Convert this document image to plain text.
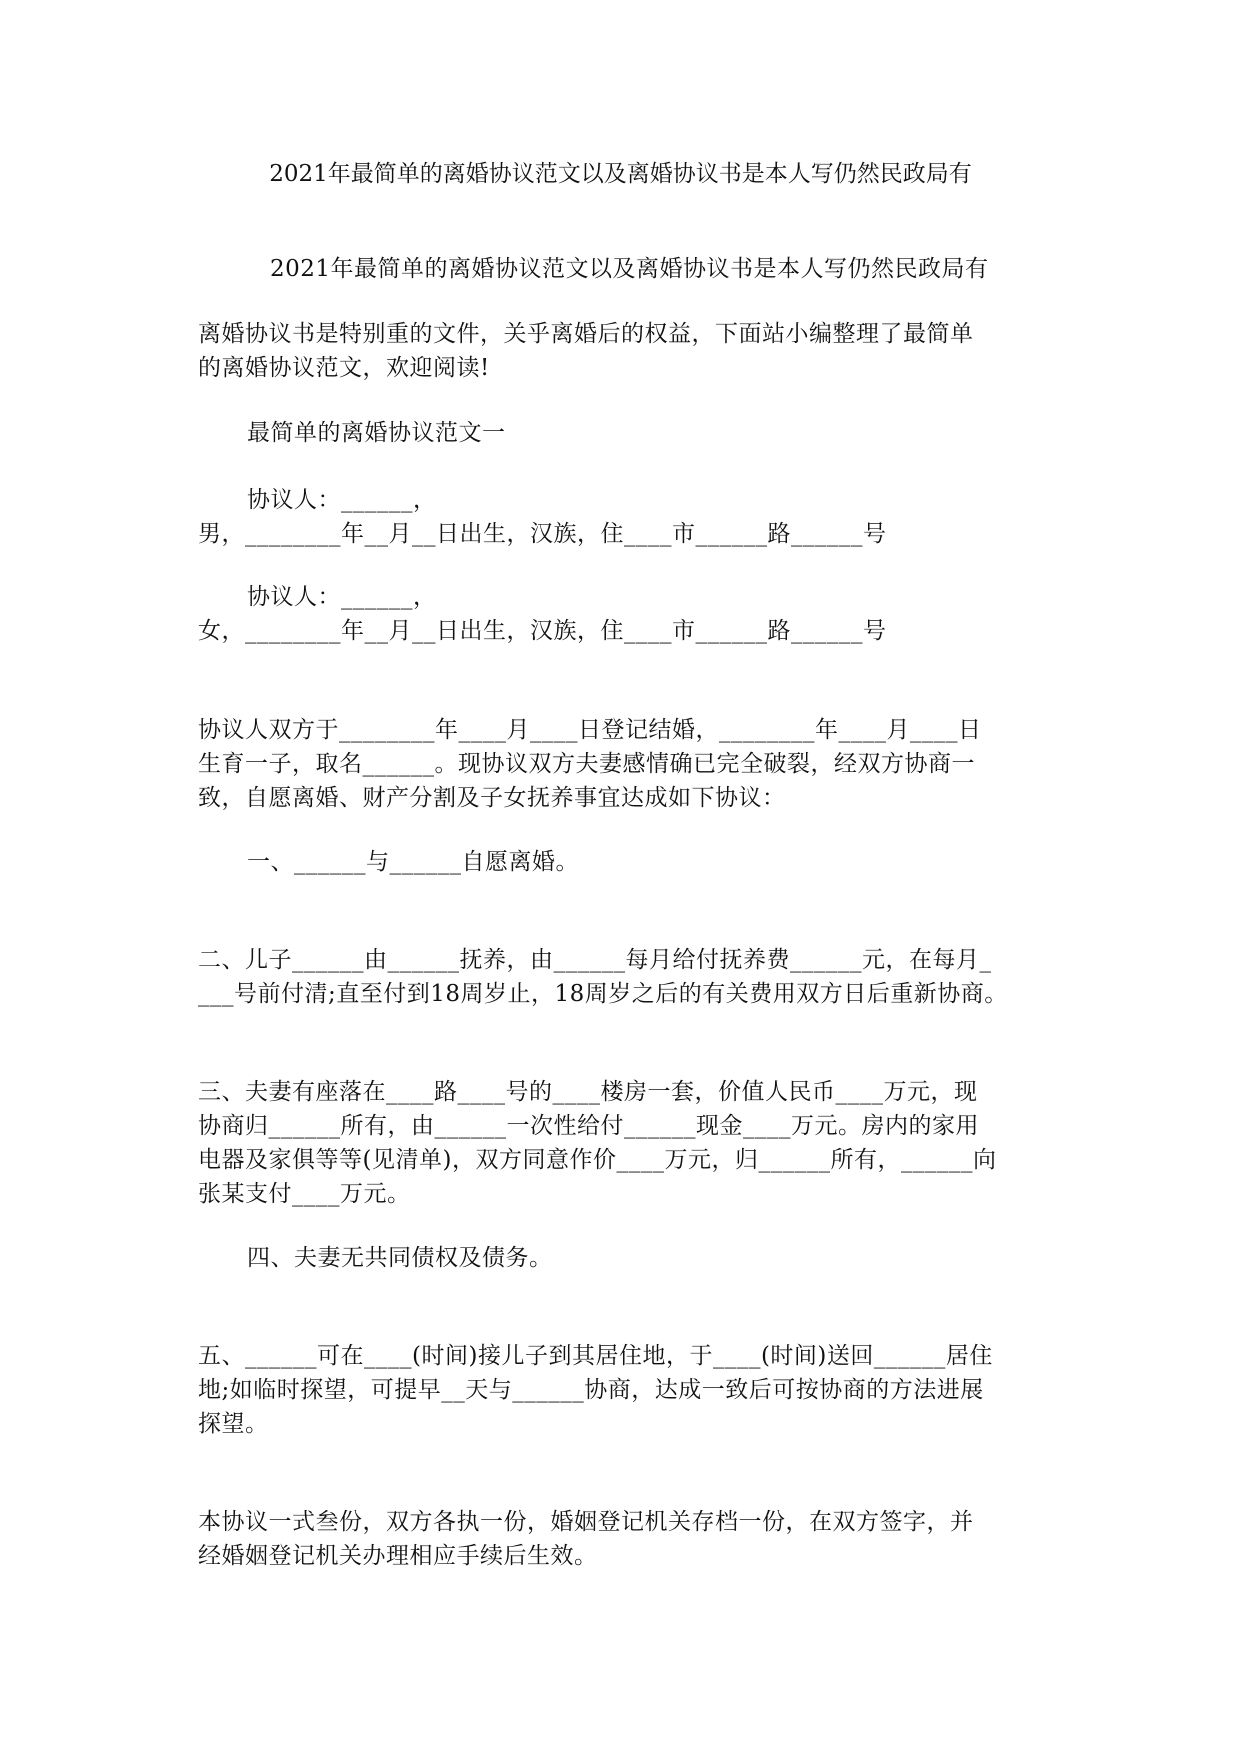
2021年最简单的离婚协议范文以及离婚协议书是本人写仍然民政局有
2021年最简单的离婚协议范文以及离婚协议书是本人写仍然民政局有
离婚协议书是特别重的文件，关乎离婚后的权益，下面站小编整理了最简单
的离婚协议范文，欢迎阅读!
最简单的离婚协议范文一
协议人：______，
男，________年__月__日出生，汉族，住____市______路______号
协议人：______，
女，________年__月__日出生，汉族，住____市______路______号
协议人双方于________年____月____日登记结婚，________年____月____日
生育一子，取名______。现协议双方夫妻感情确已完全破裂，经双方协商一
致，自愿离婚、财产分割及子女抚养事宜达成如下协议：
一、______与______自愿离婚。
二、儿子______由______抚养，由______每月给付抚养费______元，在每月_
___号前付清;直至付到18周岁止，18周岁之后的有关费用双方日后重新协商。
三、夫妻有座落在____路____号的____楼房一套，价值人民币____万元，现
协商归______所有，由______一次性给付______现金____万元。房内的家用
电器及家俱等等(见清单)，双方同意作价____万元，归______所有，______向
张某支付____万元。
四、夫妻无共同债权及债务。
五、______可在____(时间)接儿子到其居住地，于____(时间)送回______居住
地;如临时探望，可提早__天与______协商，达成一致后可按协商的方法进展
探望。
本协议一式叁份，双方各执一份，婚姻登记机关存档一份，在双方签字，并
经婚姻登记机关办理相应手续后生效。
